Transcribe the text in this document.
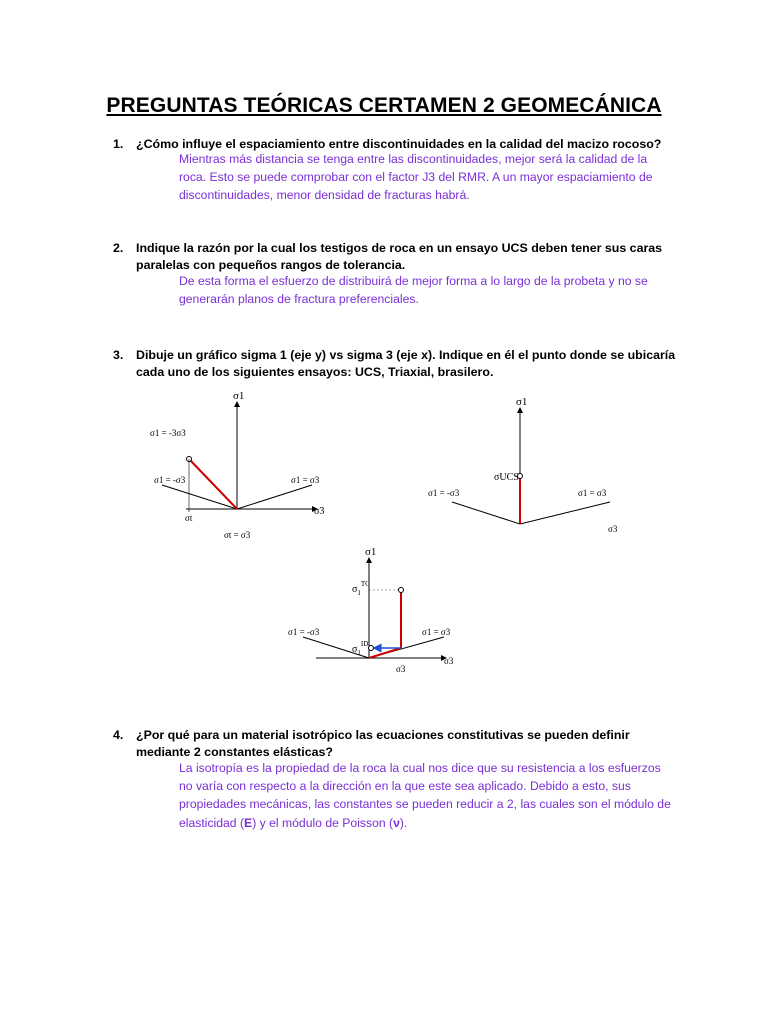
PREGUNTAS TEÓRICAS CERTAMEN 2 GEOMECÁNICA
1. ¿Cómo influye el espaciamiento entre discontinuidades en la calidad del macizo rocoso?
Mientras más distancia se tenga entre las discontinuidades, mejor será la calidad de la roca. Esto se puede comprobar con el factor J3 del RMR. A un mayor espaciamiento de discontinuidades, menor densidad de fracturas habrá.
2. Indique la razón por la cual los testigos de roca en un ensayo UCS deben tener sus caras paralelas con pequeños rangos de tolerancia.
De esta forma el esfuerzo de distribuirá de mejor forma a lo largo de la probeta y no se generarán planos de fractura preferenciales.
3. Dibuje un gráfico sigma 1 (eje y) vs sigma 3 (eje x). Indique en él el punto donde se ubicaría cada uno de los siguientes ensayos: UCS, Triaxial, brasilero.
σ1
σ3
σ1 = -3σ3
σ1 = -σ3	σ1 = σ3
σt
σt = σ3
σ1
σUCS
σ1 = -σ3	σ1 = σ3
σ3
σ1
σ3
$\sigma_1^{TC}$
$\sigma_1^{ID}$
σ1 = -σ3	σ1 = σ3
σ3
4. ¿Por qué para un material isotrópico las ecuaciones constitutivas se pueden definir mediante 2 constantes elásticas?
La isotropía es la propiedad de la roca la cual nos dice que su resistencia a los esfuerzos no varía con respecto a la dirección en la que este sea aplicado. Debido a esto, sus propiedades mecánicas, las constantes se pueden reducir a 2, las cuales son el módulo de elasticidad (E) y el módulo de Poisson (ν).
